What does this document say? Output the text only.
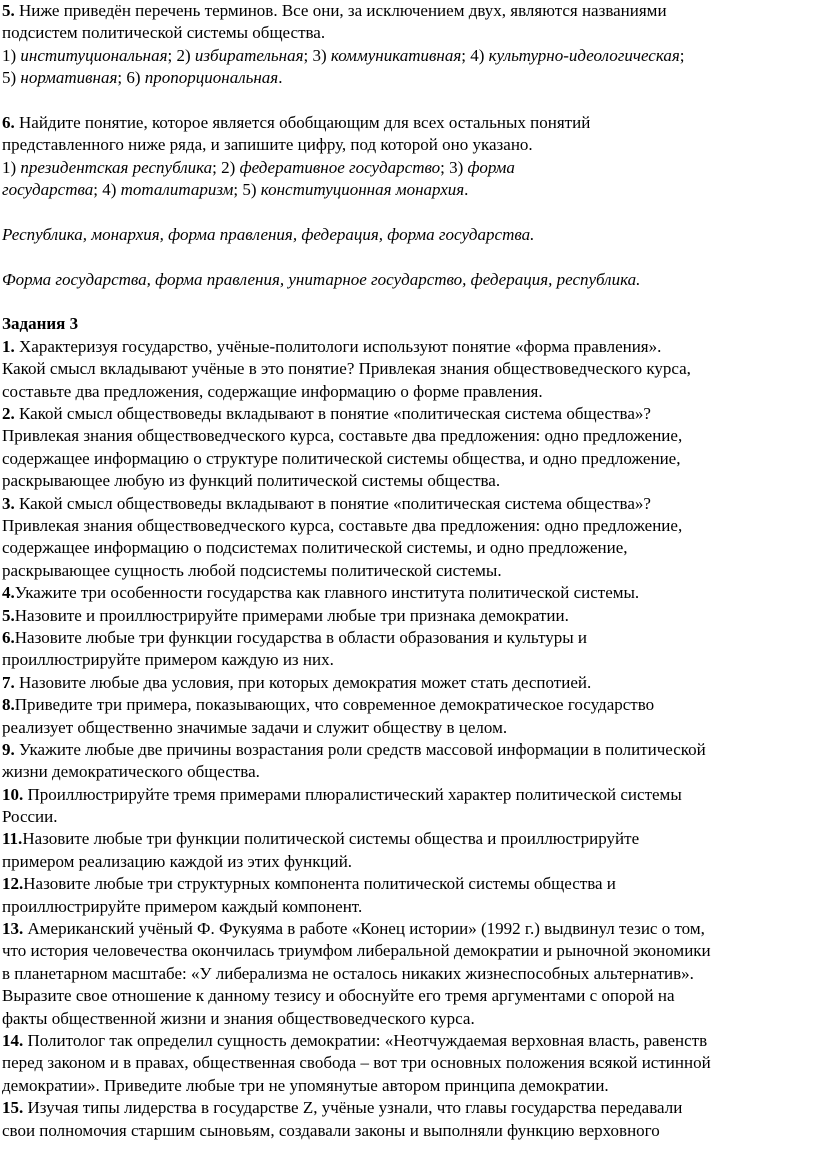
5. Ниже приведён перечень терминов. Все они, за исключением двух, являются названиями
подсистем политической системы общества.
1) институциональная; 2) избирательная; 3) коммуникативная; 4) культурно-идеологическая;
5) нормативная; 6) пропорциональная.
6. Найдите понятие, которое является обобщающим для всех остальных понятий
представленного ниже ряда, и запишите цифру, под которой оно указано.
1) президентская республика; 2) федеративное государство; 3) форма
государства; 4) тоталитаризм; 5) конституционная монархия.
Республика, монархия, форма правления, федерация, форма государства.
Форма государства, форма правления, унитарное государство, федерация, республика.
Задания 3
1. Характеризуя государство, учёные-политологи используют понятие «форма правления».
Какой смысл вкладывают учёные в это понятие? Привлекая знания обществоведческого курса,
составьте два предложения, содержащие информацию о форме правления.
2. Какой смысл обществоведы вкладывают в понятие «политическая система общества»?
Привлекая знания обществоведческого курса, составьте два предложения: одно предложение,
содержащее информацию о структуре политической системы общества, и одно предложение,
раскрывающее любую из функций политической системы общества.
3. Какой смысл обществоведы вкладывают в понятие «политическая система общества»?
Привлекая знания обществоведческого курса, составьте два предложения: одно предложение,
содержащее информацию о подсистемах политической системы, и одно предложение,
раскрывающее сущность любой подсистемы политической системы.
4.Укажите три особенности государства как главного института политической системы.
5.Назовите и проиллюстрируйте примерами любые три признака демократии.
6.Назовите любые три функции государства в области образования и культуры и
проиллюстрируйте примером каждую из них.
7. Назовите любые два условия, при которых демократия может стать деспотией.
8.Приведите три примера, показывающих, что современное демократическое государство
реализует общественно значимые задачи и служит обществу в целом.
9. Укажите любые две причины возрастания роли средств массовой информации в политической
жизни демократического общества.
10. Проиллюстрируйте тремя примерами плюралистический характер политической системы
России.
11.Назовите любые три функции политической системы общества и проиллюстрируйте
примером реализацию каждой из этих функций.
12.Назовите любые три структурных компонента политической системы общества и
проиллюстрируйте примером каждый компонент.
13. Американский учёный Ф. Фукуяма в работе «Конец истории» (1992 г.) выдвинул тезис о том,
что история человечества окончилась триумфом либеральной демократии и рыночной экономики
в планетарном масштабе: «У либерализма не осталось никаких жизнеспособных альтернатив».
Выразите свое отношение к данному тезису и обоснуйте его тремя аргументами с опорой на
факты общественной жизни и знания обществоведческого курса.
14. Политолог так определил сущность демократии: «Неотчуждаемая верховная власть, равенств
перед законом и в правах, общественная свобода – вот три основных положения всякой истинной
демократии». Приведите любые три не упомянутые автором принципа демократии.
15. Изучая типы лидерства в государстве Z, учёные узнали, что главы государства передавали
свои полномочия старшим сыновьям, создавали законы и выполняли функцию верховного
